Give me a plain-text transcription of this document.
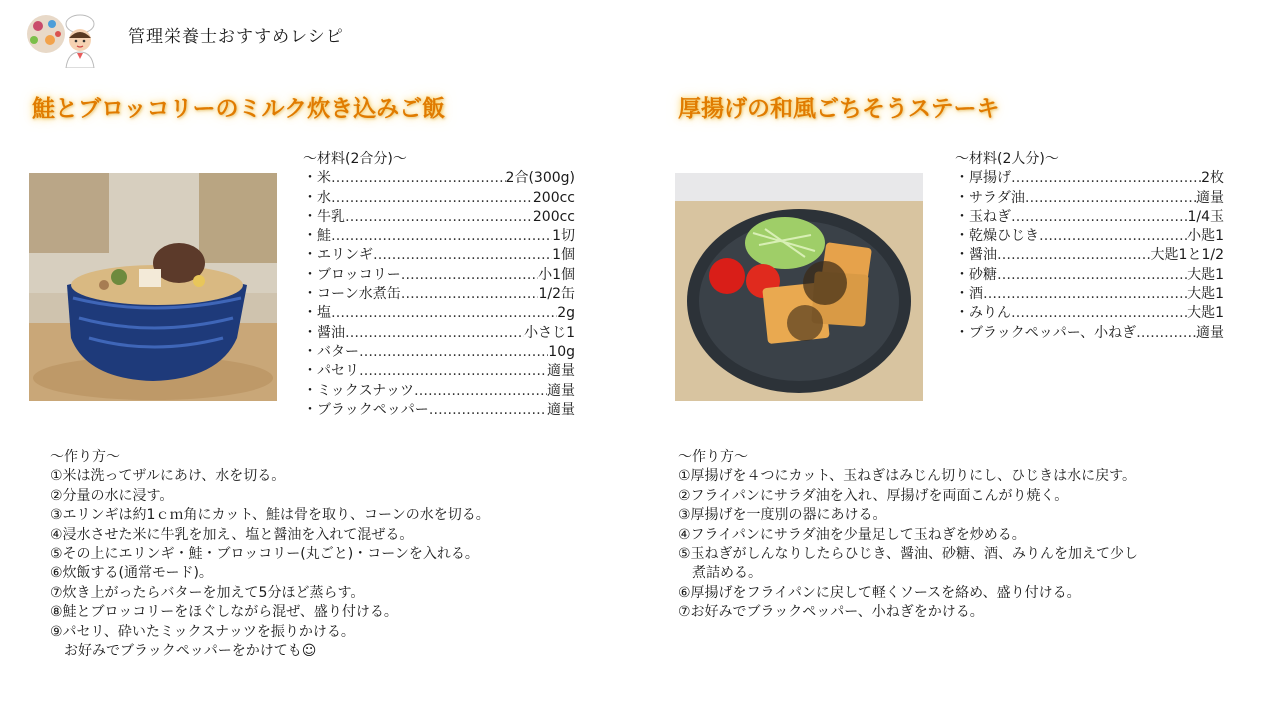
管理栄養士おすすめレシピ
鮭とブロッコリーのミルク炊き込みご飯
～材料(2合分)～
・米 ……………………………………………………………………………………	2合(300g)
・水 ……………………………………………………………………………………	200cc
・牛乳 ……………………………………………………………………………………	200cc
・鮭 ……………………………………………………………………………………	1切
・エリンギ ……………………………………………………………………………………	1個
・ブロッコリー ……………………………………………………………………………………	小1個
・コーン水煮缶 ……………………………………………………………………………………	1/2缶
・塩 ……………………………………………………………………………………	2g
・醤油 ……………………………………………………………………………………	小さじ1
・バター ……………………………………………………………………………………	10g
・パセリ ……………………………………………………………………………………	適量
・ミックスナッツ ……………………………………………………………………………………	適量
・ブラックペッパー ……………………………………………………………………………………	適量
～作り方～
①米は洗ってザルにあけ、水を切る。
②分量の水に浸す。
③エリンギは約1ｃｍ角にカット、鮭は骨を取り、コーンの水を切る。
④浸水させた米に牛乳を加え、塩と醤油を入れて混ぜる。
⑤その上にエリンギ・鮭・ブロッコリー(丸ごと)・コーンを入れる。
⑥炊飯する(通常モード)。
⑦炊き上がったらバターを加えて5分ほど蒸らす。
⑧鮭とブロッコリーをほぐしながら混ぜ、盛り付ける。
⑨パセリ、砕いたミックスナッツを振りかける。
　お好みでブラックペッパーをかけても☺
厚揚げの和風ごちそうステーキ
～材料(2人分)～
・厚揚げ ……………………………………………………………………………………	2枚
・サラダ油 ……………………………………………………………………………………	適量
・玉ねぎ ……………………………………………………………………………………	1/4玉
・乾燥ひじき ……………………………………………………………………………………	小匙1
・醤油 ……………………………………………………………………………………	大匙1と1/2
・砂糖 ……………………………………………………………………………………	大匙1
・酒 ……………………………………………………………………………………	大匙1
・みりん ……………………………………………………………………………………	大匙1
・ブラックペッパー、小ねぎ ……………………………………………………………………………………	適量
～作り方～
①厚揚げを４つにカット、玉ねぎはみじん切りにし、ひじきは水に戻す。
②フライパンにサラダ油を入れ、厚揚げを両面こんがり焼く。
③厚揚げを一度別の器にあける。
④フライパンにサラダ油を少量足して玉ねぎを炒める。
⑤玉ねぎがしんなりしたらひじき、醤油、砂糖、酒、みりんを加えて少し
　煮詰める。
⑥厚揚げをフライパンに戻して軽くソースを絡め、盛り付ける。
⑦お好みでブラックペッパー、小ねぎをかける。
